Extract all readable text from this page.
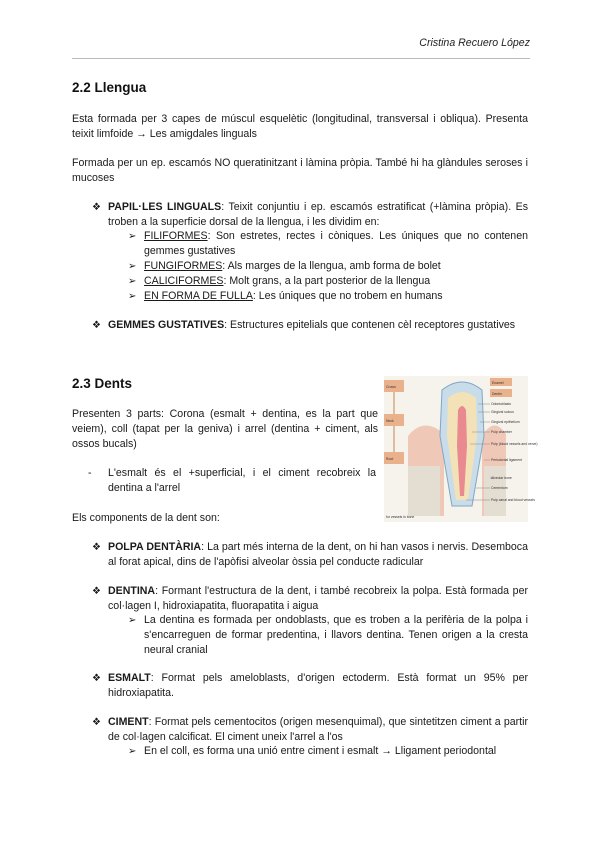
Cristina Recuero López
2.2 Llengua
Esta formada per 3 capes de múscul esquelètic (longitudinal, transversal i obliqua). Presenta teixit limfoide → Les amigdales linguals
Formada per un ep. escamós NO queratinitzant i làmina pròpia. També hi ha glàndules seroses i mucoses
❖ PAPIL·LES LINGUALS: Teixit conjuntiu i ep. escamós estratificat (+làmina pròpia). Es troben a la superficie dorsal de la llengua, i les dividim en:
➢ FILIFORMES: Son estretes, rectes i còniques. Les úniques que no contenen gemmes gustatives
➢ FUNGIFORMES: Als marges de la llengua, amb forma de bolet
➢ CALICIFORMES: Molt grans, a la part posterior de la llengua
➢ EN FORMA DE FULLA: Les úniques que no trobem en humans
❖ GEMMES GUSTATIVES: Estructures epitelials que contenen cèl receptores gustatives
2.3 Dents
Presenten 3 parts: Corona (esmalt + dentina, es la part que veiem), coll (tapat per la geniva) i arrel (dentina + ciment, als ossos bucals)
- L'esmalt és el +superficial, i el ciment recobreix la dentina a l'arrel
Els components de la dent son:
Crown
Neck
Root
Enamel
Dentin
Odontoblasts
Gingival sulcus
Gingival epithelium
Pulp chamber
Pulp (blood vessels and nerve)
Periodontal ligament
Alveolar bone
Cementum
Pulp canal and blood vessels
for vessels in bone
❖ POLPA DENTÀRIA: La part més interna de la dent, on hi han vasos i nervis. Desemboca al forat apical, dins de l'apòfisi alveolar òssia pel conducte radicular
❖ DENTINA: Formant l'estructura de la dent, i també recobreix la polpa. Està formada per col·lagen I, hidroxiapatita, fluorapatita i aigua
➢ La dentina es formada per ondoblasts, que es troben a la perifèria de la polpa i s'encarreguen de formar predentina, i llavors dentina. Tenen origen a la cresta neural cranial
❖ ESMALT: Format pels ameloblasts, d'origen ectoderm. Està format un 95% per hidroxiapatita.
❖ CIMENT: Format pels cementocitos (origen mesenquimal), que sintetitzen ciment a partir de col·lagen calcificat. El ciment uneix l'arrel a l'os
➢ En el coll, es forma una unió entre ciment i esmalt → Lligament periodontal
